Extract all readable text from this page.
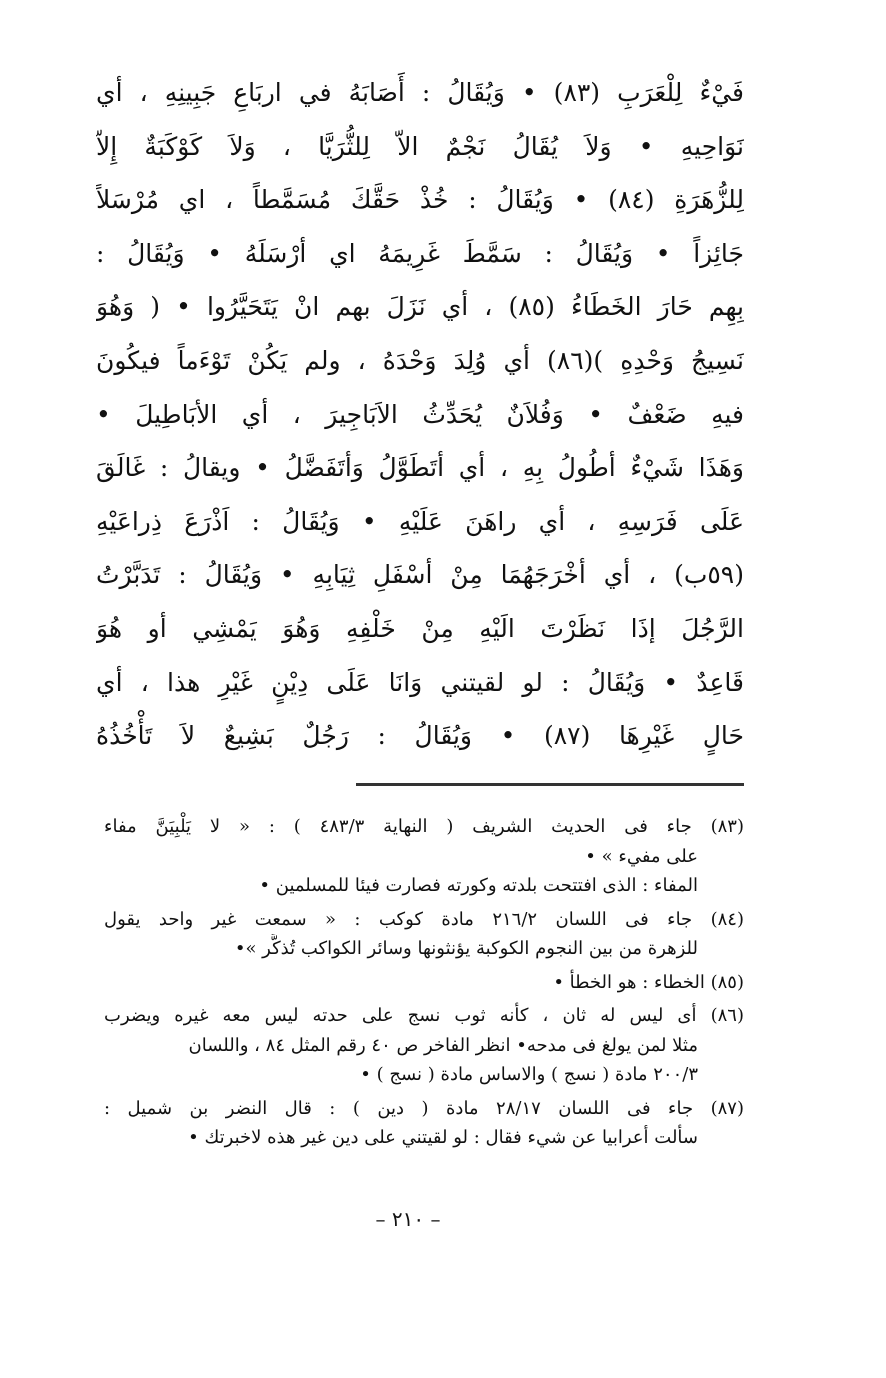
فَيْءٌ لِلْعَرَبِ (٨٣) • وَيُقَالُ : أَصَابَهُ في اربَاعِ جَبِينِهِ ، أي
نَوَاحِيهِ • وَلاَ يُقَالُ نَجْمٌ الاّ لِلثُّرَيَّا ، وَلاَ كَوْكَبَةٌ إِلاّ
لِلزُّهَرَةِ (٨٤) • وَيُقَالُ : خُذْ حَقَّكَ مُسَمَّطاً ، اي مُرْسَلاً
جَائِزاً • وَيُقَالُ : سَمَّطَ غَرِيمَهُ اي أرْسَلَهُ • وَيُقَالُ :
بِهِم حَارَ الخَطَاءُ (٨٥) ، أي نَزَلَ بهم انْ يَتَحَيَّرُوا • ( وَهُوَ
نَسِيجُ وَحْدِهِ )(٨٦) أي وُلِدَ وَحْدَهُ ، ولم يَكُنْ تَوْءَماً فيكُونَ
فيهِ ضَعْفٌ • وَفُلاَنٌ يُحَدِّثُ الاَبَاجِيرَ ، أي الأبَاطِيلَ •
وَهَذَا شَيْءٌ أطُولُ بِهِ ، أي أتَطَوَّلُ وَأتَفَضَّلُ • ويقالُ : غَالَقَ
عَلَى فَرَسِهِ ، أي راهَنَ عَلَيْهِ • وَيُقَالُ : اَذْرَعَ ذِراعَيْهِ
(٥٩ب) ، أي أخْرَجَهُمَا مِنْ أسْفَلِ ثِيَابِهِ • وَيُقَالُ : تَدَبَّرْتُ
الرَّجُلَ إذَا نَظَرْتَ الَيْهِ مِنْ خَلْفِهِ وَهُوَ يَمْشِي أو هُوَ
قَاعِدٌ • وَيُقَالُ : لو لقيتني وَانَا عَلَى دِيْنٍ غَيْرِ هذا ، أي
حَالٍ غَيْرِهَا (٨٧) • وَيُقَالُ : رَجُلٌ بَشِيعٌ لاَ تَأْخُذُهُ
(٨٣) جاء فى الحديث الشريف ( النهاية ٤٨٣/٣ ) : « لا يَلْبِيَنَّ مفاء
على مفيء » •
المفاء : الذى افتتحت بلدته وكورته فصارت فيئا للمسلمين •
(٨٤) جاء فى اللسان ٢١٦/٢ مادة كوكب : « سمعت غير واحد يقول
للزهرة من بين النجوم الكوكبة يؤنثونها وسائر الكواكب تُذكَّر »•
(٨٥) الخطاء : هو الخطأ •
(٨٦) أى ليس له ثان ، كأنه ثوب نسج على حدته ليس معه غيره ويضرب
مثلا لمن يولغ فى مدحه• انظر الفاخر ص ٤٠ رقم المثل ٨٤ ، واللسان
٢٠٠/٣ مادة ( نسج ) والاساس مادة ( نسج ) •
(٨٧) جاء فى اللسان ٢٨/١٧ مادة ( دين ) : قال النضر بن شميل :
سألت أعرابيا عن شيء فقال : لو لقيتني على دين غير هذه لاخبرتك •
– ٢١٠ –
